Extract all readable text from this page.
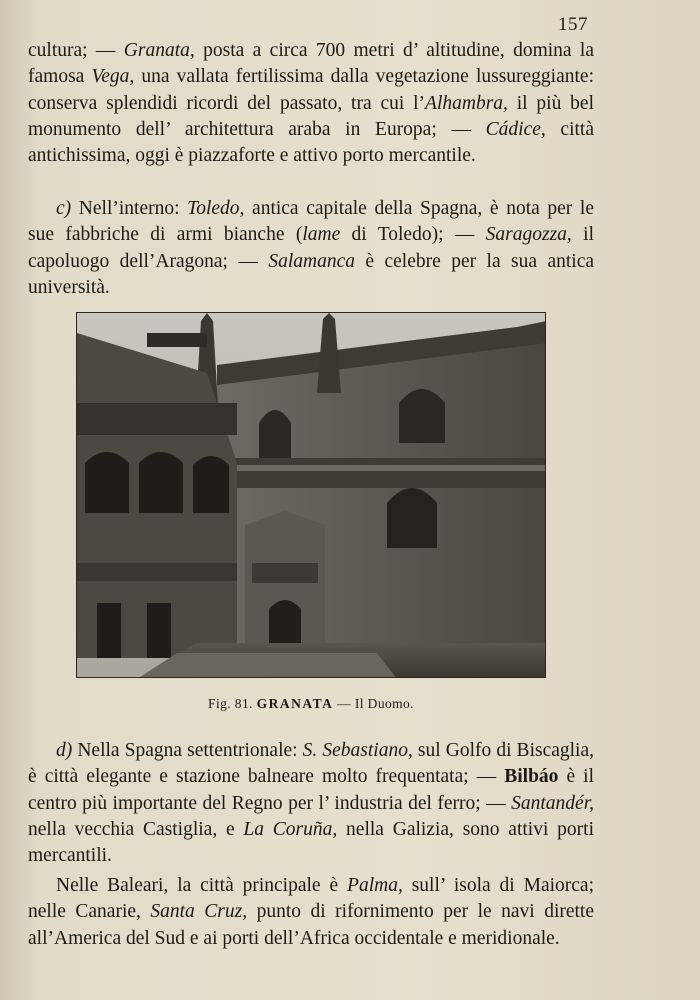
157

cultura; — Granata, posta a circa 700 metri d’ altitudine, domina la famosa Vega, una vallata fertilissima dalla vegetazione lussureggiante: conserva splendidi ricordi del passato, tra cui l’Alhambra, il più bel monumento dell’ architettura araba in Europa; — Cádice, città antichissima, oggi è piazzaforte e attivo porto mercantile.

c) Nell’interno: Toledo, antica capitale della Spagna, è nota per le sue fabbriche di armi bianche (lame di Toledo); — Saragozza, il capoluogo dell’Aragona; — Salamanca è celebre per la sua antica università.

Fig. 81. GRANATA — Il Duomo.

d) Nella Spagna settentrionale: S. Sebastiano, sul Golfo di Biscaglia, è città elegante e stazione balneare molto frequentata; — Bilbáo è il centro più importante del Regno per l’ industria del ferro; — Santandér, nella vecchia Castiglia, e La Coruña, nella Galizia, sono attivi porti mercantili.

Nelle Baleari, la città principale è Palma, sull’ isola di Maiorca; nelle Canarie, Santa Cruz, punto di rifornimento per le navi dirette all’America del Sud e ai porti dell’Africa occidentale e meridionale.
